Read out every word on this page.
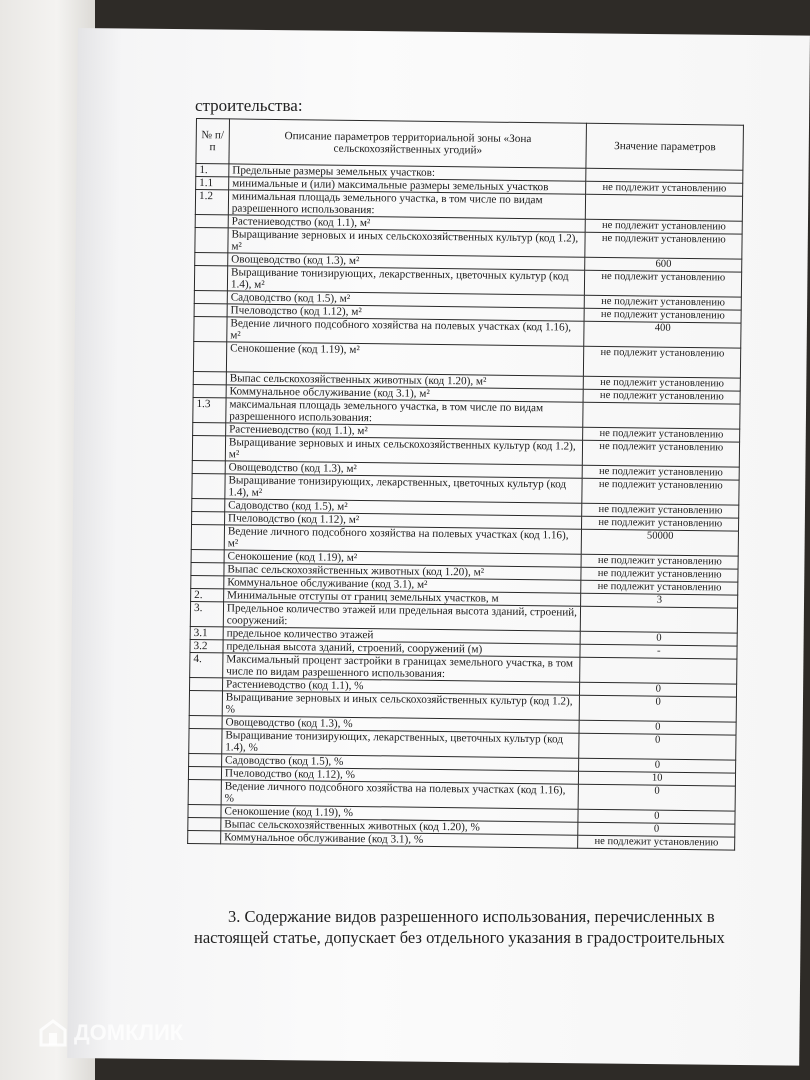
строительства:
№ п/п	Описание параметров территориальной зоны «Зона сельскохозяйственных угодий»	Значение параметров
1.	Предельные размеры земельных участков:	
1.1	минимальные и (или) максимальные размеры земельных участков	не подлежит установлению
1.2	минимальная площадь земельного участка, в том числе по видам разрешенного использования:	
	Растениеводство (код 1.1), м²	не подлежит установлению
	Выращивание зерновых и иных сельскохозяйственных культур (код 1.2), м²	не подлежит установлению
	Овощеводство (код 1.3), м²	600
	Выращивание тонизирующих, лекарственных, цветочных культур (код 1.4), м²	не подлежит установлению
	Садоводство (код 1.5), м²	не подлежит установлению
	Пчеловодство (код 1.12), м²	не подлежит установлению
	Ведение личного подсобного хозяйства на полевых участках (код 1.16), м²	400
	Сенокошение (код 1.19), м²	не подлежит установлению
	Выпас сельскохозяйственных животных (код 1.20), м²	не подлежит установлению
	Коммунальное обслуживание (код 3.1), м²	не подлежит установлению
1.3	максимальная площадь земельного участка, в том числе по видам разрешенного использования:	
	Растениеводство (код 1.1), м²	не подлежит установлению
	Выращивание зерновых и иных сельскохозяйственных культур (код 1.2), м²	не подлежит установлению
	Овощеводство (код 1.3), м²	не подлежит установлению
	Выращивание тонизирующих, лекарственных, цветочных культур (код 1.4), м²	не подлежит установлению
	Садоводство (код 1.5), м²	не подлежит установлению
	Пчеловодство (код 1.12), м²	не подлежит установлению
	Ведение личного подсобного хозяйства на полевых участках (код 1.16), м²	50000
	Сенокошение (код 1.19), м²	не подлежит установлению
	Выпас сельскохозяйственных животных (код 1.20), м²	не подлежит установлению
	Коммунальное обслуживание (код 3.1), м²	не подлежит установлению
2.	Минимальные отступы от границ земельных участков, м	3
3.	Предельное количество этажей или предельная высота зданий, строений, сооружений:	
3.1	предельное количество этажей	0
3.2	предельная высота зданий, строений, сооружений (м)	-
4.	Максимальный процент застройки в границах земельного участка, в том числе по видам разрешенного использования:	
	Растениеводство (код 1.1), %	0
	Выращивание зерновых и иных сельскохозяйственных культур (код 1.2), %	0
	Овощеводство (код 1.3), %	0
	Выращивание тонизирующих, лекарственных, цветочных культур (код 1.4), %	0
	Садоводство (код 1.5), %	0
	Пчеловодство (код 1.12), %	10
	Ведение личного подсобного хозяйства на полевых участках (код 1.16), %	0
	Сенокошение (код 1.19), %	0
	Выпас сельскохозяйственных животных (код 1.20), %	0
	Коммунальное обслуживание (код 3.1), %	не подлежит установлению
3. Содержание видов разрешенного использования, перечисленных в
настоящей статье, допускает без отдельного указания в градостроительных
ДОМКЛИК
